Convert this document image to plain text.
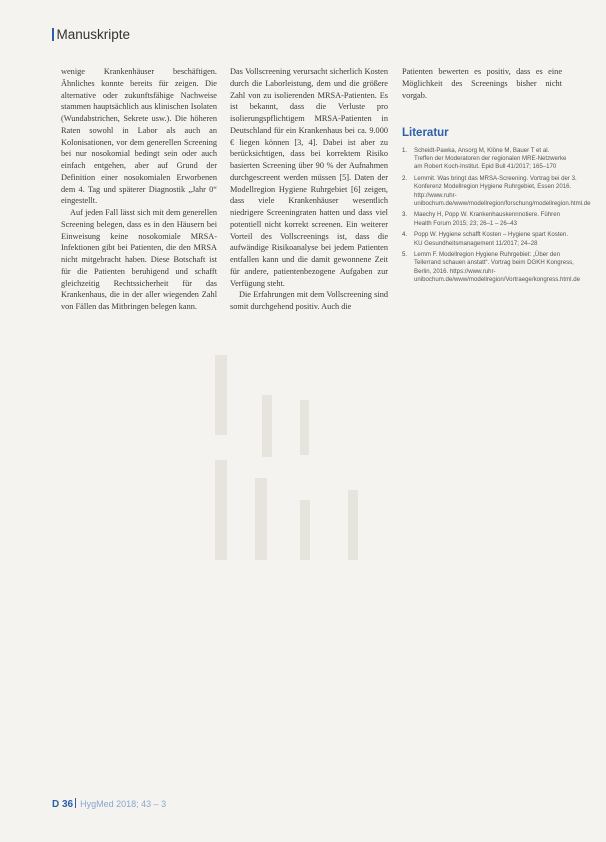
Manuskripte

wenige Krankenhäuser beschäftigen. Ähnliches konnte bereits für zeigen. Die alternative oder zukunftsfähige Nachweise stammen hauptsächlich aus klinischen Isolaten (Wundabstrichen, Sekrete usw.). Die höheren Raten sowohl in Labor als auch an Kolonisationen, vor dem generellen Screening bei nur nosokomial bedingt sein oder auch einfach entgehen, aber auf Grund der Definition einer nosokomialen Erworbenen dem 4. Tag und späterer Diagnostik „Jahr 0“ eingestellt.

Auf jeden Fall lässt sich mit dem generellen Screening belegen, dass es in den Häusern bei Einweisung keine nosokomiale MRSA-Infektionen gibt bei Patienten, die den MRSA nicht mitgebracht haben. Diese Botschaft ist für die Patienten beruhigend und schafft gleichzeitig Rechtssicherheit für das Krankenhaus, die in der aller wiegenden Zahl von Fällen das Mitbringen belegen kann.

Das Vollscreening verursacht sicherlich Kosten durch die Laborleistung, dem und die größere Zahl von zu isolierenden MRSA-Patienten. Es ist bekannt, dass die Verluste pro isolierungspflichtigem MRSA-Patienten in Deutschland für ein Krankenhaus bei ca. 9.000 € liegen können [3, 4]. Dabei ist aber zu berücksichtigen, dass bei korrektem Risiko basierten Screening über 90 % der Aufnahmen durchgescreent werden müssen [5]. Daten der Modellregion Hygiene Ruhrgebiet [6] zeigen, dass viele Krankenhäuser wesentlich niedrigere Screeningraten hatten und dass viel potentiell nicht korrekt screenen. Ein weiterer Vorteil des Vollscreenings ist, dass die aufwändige Risikoanalyse bei jedem Patienten entfallen kann und die damit gewonnene Zeit für andere, patientenbezogene Aufgaben zur Verfügung steht.

Die Erfahrungen mit dem Vollscreening sind somit durchgehend positiv. Auch die

Patienten bewerten es positiv, dass es eine Möglichkeit des Screenings bisher nicht vorgab.

Literatur
1.	Scheidt-Pawka, Ansorg M, Klöne M, Bauer T et al. Treffen der Moderatoren der regionalen MRE-Netzwerke am Robert Koch-Institut. Epid Bull 41/2017; 165–170
2.	Lemmit. Was bringt das MRSA-Screening. Vortrag bei der 3. Konferenz Modellregion Hygiene Ruhrgebiet, Essen 2016. http://www.ruhr-unibochum.de/www/modellregion/forschung/modellregion.html.de
3.	Maechy H, Popp W. Krankenhauskennnotiere. Führen Health Forum 2015; 23; 26–1 – 26–43
4.	Popp W. Hygiene schafft Kosten – Hygiene spart Kosten. KU Gesundheitsmanagement 11/2017; 24–28
5.	Lemm F. Modellregion Hygiene Ruhrgebiet: „Über den Tellerrand schauen anstatt“. Vortrag beim DGKH Kongress, Berlin, 2016. https://www.ruhr-unibochum.de/www/modellregion/Vortraege/kongress.html.de
D 36 HygMed 2018; 43 – 3
